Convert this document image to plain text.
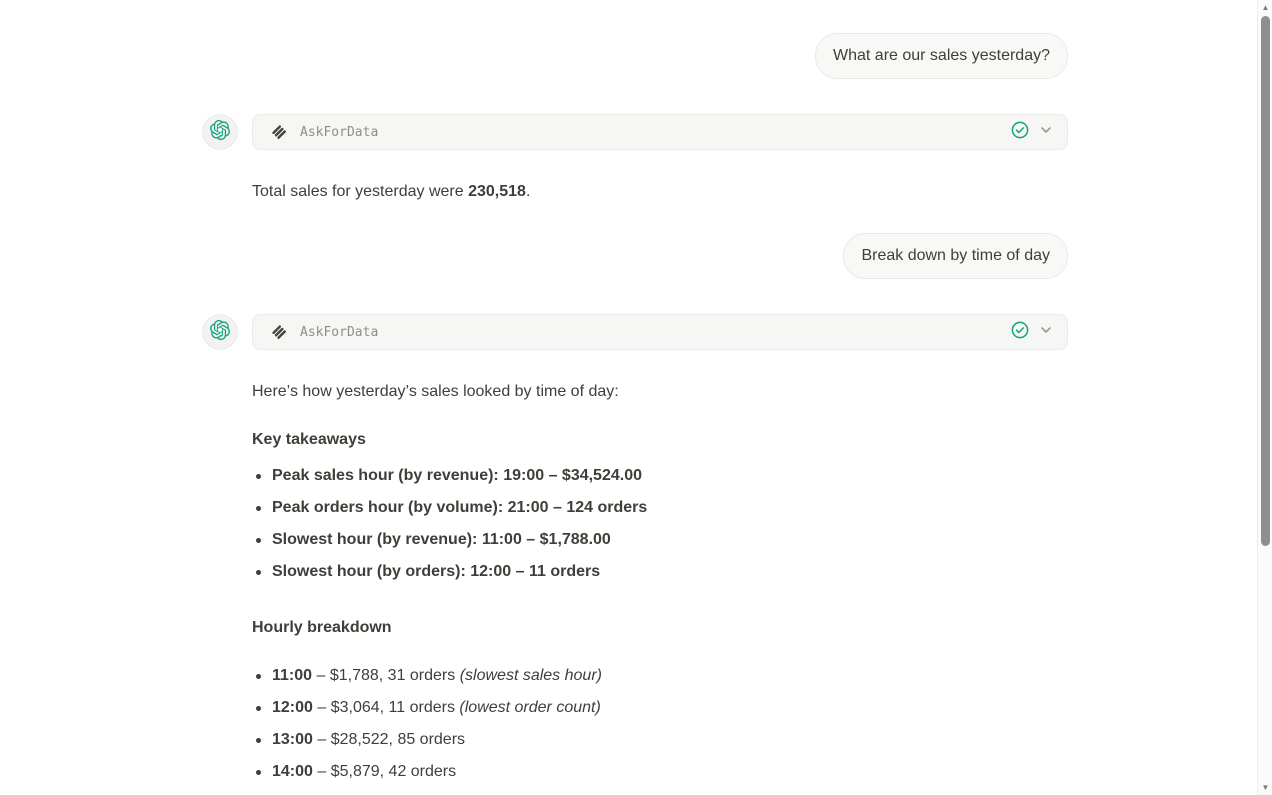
What are our sales yesterday?
AskForData

Total sales for yesterday were 230,518.

Break down by time of day
AskForData

Here’s how yesterday’s sales looked by time of day:

Key takeaways
Peak sales hour (by revenue): 19:00 – $34,524.00
Peak orders hour (by volume): 21:00 – 124 orders
Slowest hour (by revenue): 11:00 – $1,788.00
Slowest hour (by orders): 12:00 – 11 orders
Hourly breakdown
11:00 – $1,788, 31 orders (slowest sales hour)
12:00 – $3,064, 11 orders (lowest order count)
13:00 – $28,522, 85 orders
14:00 – $5,879, 42 orders
▲
▼
